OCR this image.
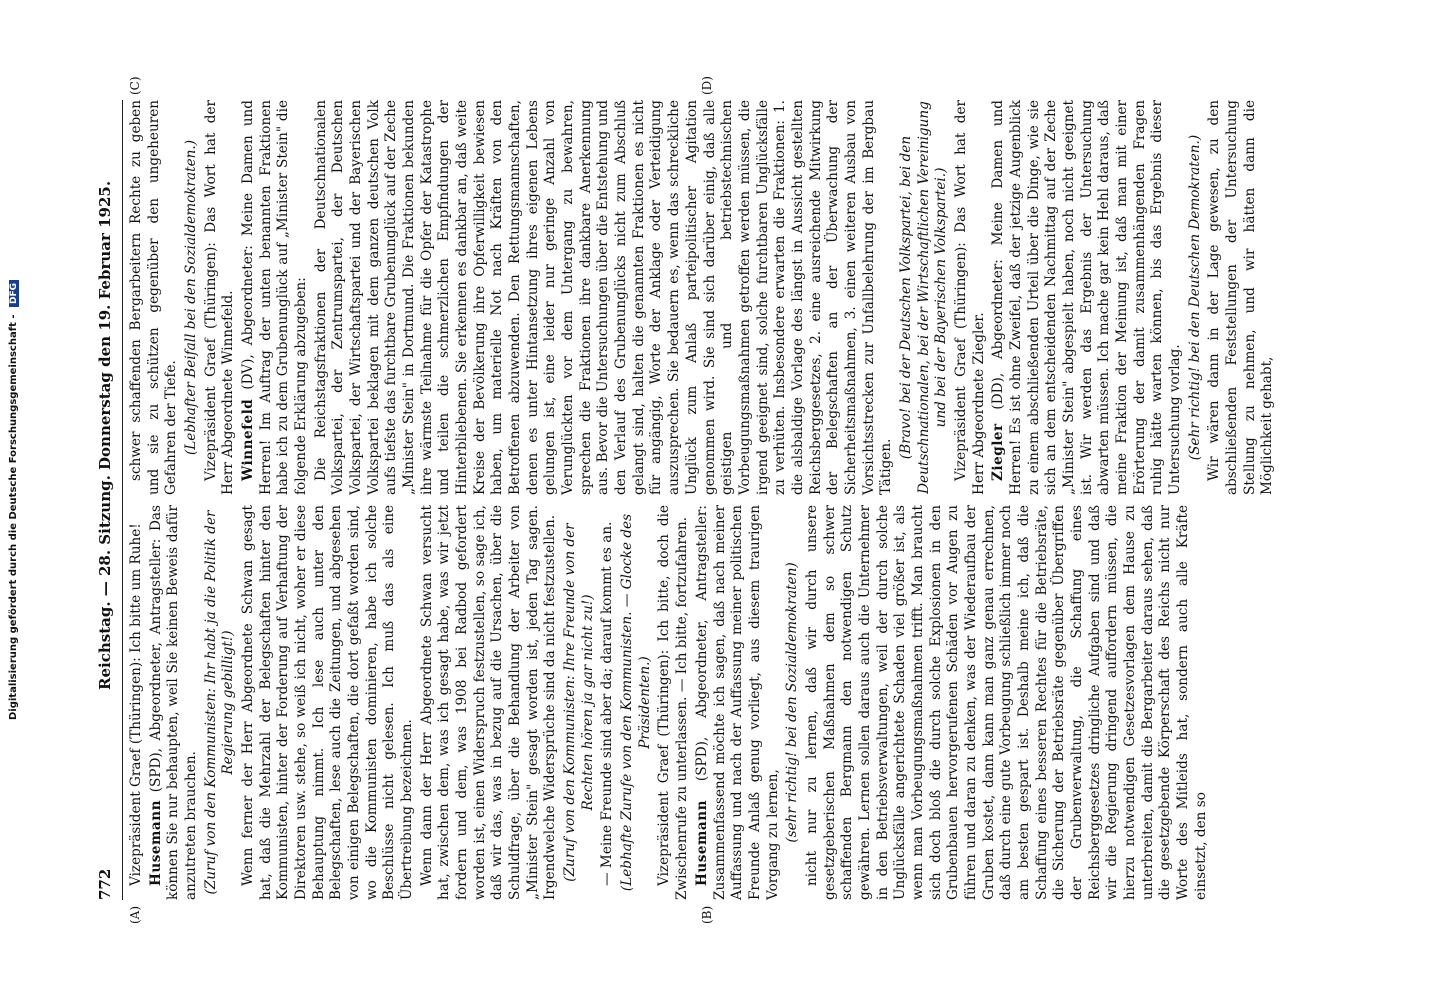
772
Reichstag. — 28. Sitzung. Donnerstag den 19. Februar 1925.
(A)	(B)
(C)	(D)

Vizepräsident Graef (Thüringen): Ich bitte um Ruhe! Husemann (SPD), Abgeordneter, Antragsteller: Das können Sie nur behaupten, weil Sie keinen Beweis dafür anzutreten brauchen. (Zuruf von den Kommunisten: Ihr habt ja die Politik der Regierung gebilligt!) Wenn ferner der Herr Abgeordnete Schwan gesagt hat, daß die Mehrzahl der Belegschaften hinter den Kommunisten, hinter der Forderung auf Verhaftung der Direktoren usw. stehe, so weiß ich nicht, woher er diese Behauptung nimmt. Ich lese auch unter den Belegschaften, lese auch die Zeitungen, und abgesehen von einigen Belegschaften, die dort gefaßt worden sind, wo die Kommunisten dominieren, habe ich solche Beschlüsse nicht gelesen. Ich muß das als eine Übertreibung bezeichnen. Wenn dann der Herr Abgeordnete Schwan versucht hat, zwischen dem, was ich gesagt habe, was wir jetzt fordern und dem, was 1908 bei Radbod gefordert worden ist, einen Widerspruch festzustellen, so sage ich, daß wir das, was in bezug auf die Ursachen, über die Schuldfrage, über die Behandlung der Arbeiter von „Minister Stein" gesagt worden ist, jeden Tag sagen. Irgendwelche Widersprüche sind da nicht festzustellen. (Zuruf von den Kommunisten: Ihre Freunde von der Rechten hören ja gar nicht zu!) — Meine Freunde sind aber da; darauf kommt es an. (Lebhafte Zurufe von den Kommunisten. — Glocke des Präsidenten.) Vizepräsident Graef (Thüringen): Ich bitte, doch die Zwischenrufe zu unterlassen. — Ich bitte, fortzufahren. Husemann (SPD), Abgeordneter, Antragsteller: Zusammenfassend möchte ich sagen, daß nach meiner Auffassung und nach der Auffassung meiner politischen Freunde Anlaß genug vorliegt, aus diesem traurigen Vorgang zu lernen, (sehr richtig! bei den Sozialdemokraten) nicht nur zu lernen, daß wir durch unsere gesetzgeberischen Maßnahmen dem so schwer schaffenden Bergmann den notwendigen Schutz gewähren. Lernen sollen daraus auch die Unternehmer in den Betriebsverwaltungen, weil der durch solche Unglücksfälle angerichtete Schaden viel größer ist, als wenn man Vorbeugungsmaßnahmen trifft. Man braucht sich doch bloß die durch solche Explosionen in den Grubenbauen hervorgerufenen Schäden vor Augen zu führen und daran zu denken, was der Wiederaufbau der Gruben kostet, dann kann man ganz genau errechnen, daß durch eine gute Vorbeugung schließlich immer noch am besten gespart ist. Deshalb meine ich, daß die Schaffung eines besseren Rechtes für die Betriebsräte, die Sicherung der Betriebsräte gegenüber Übergriffen der Grubenverwaltung, die Schaffung eines Reichsberggesetzes dringliche Aufgaben sind und daß wir die Regierung dringend auffordern müssen, die hierzu notwendigen Gesetzesvorlagen dem Hause zu unterbreiten, damit die Bergarbeiter daraus sehen, daß die gesetzgebende Körperschaft des Reichs nicht nur Worte des Mitleids hat, sondern auch alle Kräfte einsetzt, den so

schwer schaffenden Bergarbeitern Rechte zu geben und sie zu schützen gegenüber den ungeheuren Gefahren der Tiefe. (Lebhafter Beifall bei den Sozialdemokraten.) Vizepräsident Graef (Thüringen): Das Wort hat der Herr Abgeordnete Winnefeld. Winnefeld (DV), Abgeordneter: Meine Damen und Herren! Im Auftrag der unten benannten Fraktionen habe ich zu dem Grubenunglück auf „Minister Stein" die folgende Erklärung abzugeben: Die Reichstagsfraktionen der Deutschnationalen Volkspartei, der Zentrumspartei, der Deutschen Volkspartei, der Wirtschaftspartei und der Bayerischen Volkspartei beklagen mit dem ganzen deutschen Volk aufs tiefste das furchtbare Grubenunglück auf der Zeche „Minister Stein" in Dortmund. Die Fraktionen bekunden ihre wärmste Teilnahme für die Opfer der Katastrophe und teilen die schmerzlichen Empfindungen der Hinterbliebenen. Sie erkennen es dankbar an, daß weite Kreise der Bevölkerung ihre Opferwilligkeit bewiesen haben, um materielle Not nach Kräften von den Betroffenen abzuwenden. Den Rettungsmannschaften, denen es unter Hintansetzung ihres eigenen Lebens gelungen ist, eine leider nur geringe Anzahl von Verunglückten vor dem Untergang zu bewahren, sprechen die Fraktionen ihre dankbare Anerkennung aus. Bevor die Untersuchungen über die Entstehung und den Verlauf des Grubenunglücks nicht zum Abschluß gelangt sind, halten die genannten Fraktionen es nicht für angängig, Worte der Anklage oder Verteidigung auszusprechen. Sie bedauern es, wenn das schreckliche Unglück zum Anlaß parteipolitischer Agitation genommen wird. Sie sind sich darüber einig, daß alle geistigen und betriebstechnischen Vorbeugungsmaßnahmen getroffen werden müssen, die irgend geeignet sind, solche furchtbaren Unglücksfälle zu verhüten. Insbesondere erwarten die Fraktionen: 1. die alsbaldige Vorlage des längst in Aussicht gestellten Reichsberggesetzes, 2. eine ausreichende Mitwirkung der Belegschaften an der Überwachung der Sicherheitsmaßnahmen, 3. einen weiteren Ausbau von Vorsichtsstrecken zur Unfallbelehrung der im Bergbau Tätigen.

(Bravo! bei der Deutschen Volkspartei, bei den Deutschnationalen, bei der Wirtschaftlichen Vereinigung und bei der Bayerischen Volkspartei.) Vizepräsident Graef (Thüringen): Das Wort hat der Herr Abgeordnete Ziegler. Ziegler (DD), Abgeordneter: Meine Damen und Herren! Es ist ohne Zweifel, daß der jetzige Augenblick zu einem abschließenden Urteil über die Dinge, wie sie sich an dem entscheidenden Nachmittag auf der Zeche „Minister Stein" abgespielt haben, noch nicht geeignet ist. Wir werden das Ergebnis der Untersuchung abwarten müssen. Ich mache gar kein Hehl daraus, daß meine Fraktion der Meinung ist, daß man mit einer Erörterung der damit zusammenhängenden Fragen ruhig hätte warten können, bis das Ergebnis dieser Untersuchung vorlag. (Sehr richtig! bei den Deutschen Demokraten.) Wir wären dann in der Lage gewesen, zu den abschließenden Feststellungen der Untersuchung Stellung zu nehmen, und wir hätten dann die Möglichkeit gehabt,

Digitalisierung gefördert durch die Deutsche Forschungsgemeinschaft - DFG
